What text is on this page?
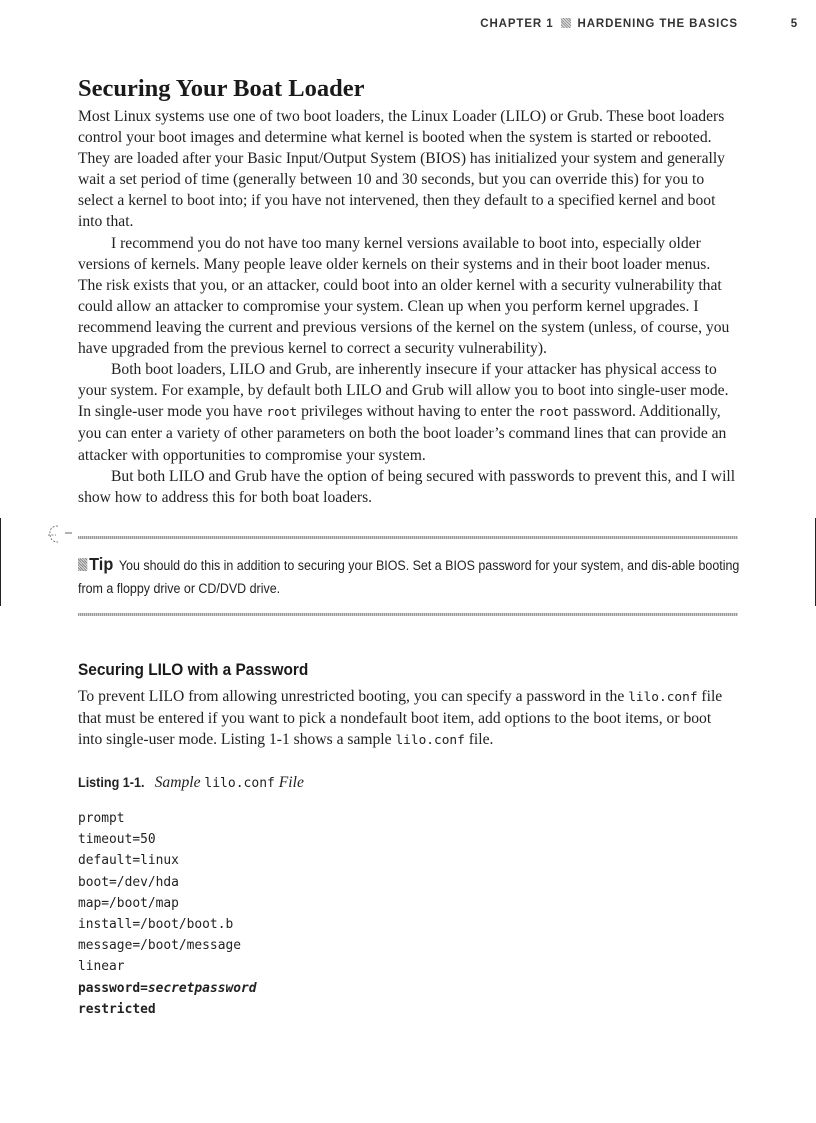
CHAPTER 1 HARDENING THE BASICS	5
Securing Your Boat Loader

Most Linux systems use one of two boot loaders, the Linux Loader (LILO) or Grub. These boot loaders control your boot images and determine what kernel is booted when the system is started or rebooted. They are loaded after your Basic Input/Output System (BIOS) has initialized your system and generally wait a set period of time (generally between 10 and 30 seconds, but you can override this) for you to select a kernel to boot into; if you have not intervened, then they default to a specified kernel and boot into that.

I recommend you do not have too many kernel versions available to boot into, especially older versions of kernels. Many people leave older kernels on their systems and in their boot loader menus. The risk exists that you, or an attacker, could boot into an older kernel with a security vulnerability that could allow an attacker to compromise your system. Clean up when you perform kernel upgrades. I recommend leaving the current and previous versions of the kernel on the system (unless, of course, you have upgraded from the previous kernel to correct a security vulnerability).

Both boot loaders, LILO and Grub, are inherently insecure if your attacker has physical access to your system. For example, by default both LILO and Grub will allow you to boot into single-user mode. In single-user mode you have root privileges without having to enter the root password. Additionally, you can enter a variety of other parameters on both the boot loader’s command lines that can provide an attacker with opportunities to compromise your system.

But both LILO and Grub have the option of being secured with passwords to prevent this, and I will show how to address this for both boat loaders.

Tip You should do this in addition to securing your BIOS. Set a BIOS password for your system, and dis-able booting from a floppy drive or CD/DVD drive.
Securing LILO with a Password

To prevent LILO from allowing unrestricted booting, you can specify a password in the lilo.conf file that must be entered if you want to pick a nondefault boot item, add options to the boot items, or boot into single-user mode. Listing 1-1 shows a sample lilo.conf file.

Listing 1-1. Sample lilo.conf File
prompt
timeout=50
default=linux
boot=/dev/hda
map=/boot/map
install=/boot/boot.b
message=/boot/message
linear
password=secretpassword
restricted
